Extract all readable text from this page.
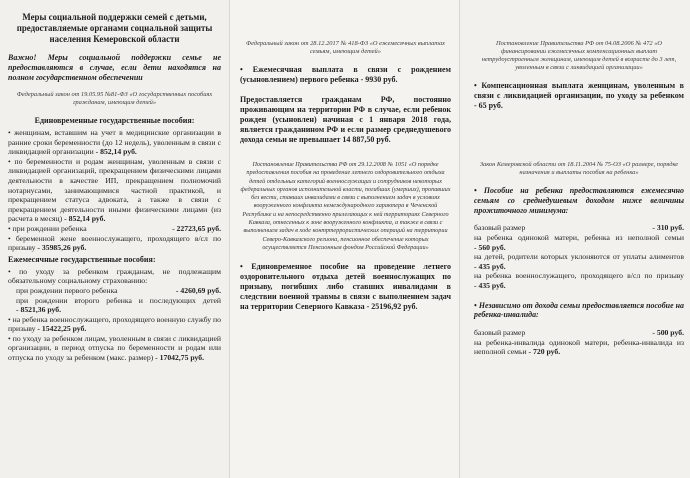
Меры социальной поддержки семей с детьми, предоставляемые органами социальной защиты населения Кемеровской области
Важно! Меры социальной поддержки семье не предоставляются в случае, если дети находятся на полном государственном обеспечении
Федеральный закон от 19.05.95 №81-ФЗ «О государственных пособиях гражданам, имеющим детей»
Единовременные государственные пособия:
• женщинам, вставшим на учет в медицинские организации в ранние сроки беременности (до 12 недель), уволенным в связи с ликвидацией организации - 852,14 руб.
• по беременности и родам женщинам, уволенным в связи с ликвидацией организаций, прекращением физическими лицами деятельности в качестве ИП, прекращением полномочий нотариусами, занимающимися частной практикой, и прекращением статуса адвоката, а также в связи с прекращением деятельности иными физическими лицами (из расчета в месяц) - 852,14 руб.
• при рождении ребенка	- 22723,65 руб.
• беременной жене военнослужащего, проходящего в/сл по призыву - 35985,26 руб.
Ежемесячные государственные пособия:
• по уходу за ребенком гражданам, не подлежащим обязательному социальному страхованию:
при рождении первого ребенка	- 4260,69 руб.
при рождении второго ребенка и последующих детей - 8521,36 руб.
• на ребенка военнослужащего, проходящего военную службу по призыву - 15422,25 руб.
• по уходу за ребенком лицам, уволенным в связи с ликвидацией организации, в период отпуска по беременности и родам или отпуска по уходу за ребенком (макс. размер) - 17042,75 руб.
Федеральный закон от 28.12.2017 № 418-ФЗ «О ежемесячных выплатах семьям, имеющим детей»
• Ежемесячная выплата в связи с рождением (усыновлением) первого ребенка - 9930 руб.
Предоставляется гражданам РФ, постоянно проживающим на территории РФ в случае, если ребенок рожден (усыновлен) начиная с 1 января 2018 года, является гражданином РФ и если размер среднедушевого дохода семьи не превышает 14 887,50 руб.
Постановление Правительства РФ от 29.12.2008 № 1051 «О порядке предоставления пособия на проведение летнего оздоровительного отдыха детей отдельных категорий военнослужащих и сотрудников некоторых федеральных органов исполнительной власти, погибших (умерших), пропавших без вести, ставших инвалидами в связи с выполнением задач в условиях вооруженного конфликта немеждународного характера в Чеченской Республике и на непосредственно прилегающих к ней территориях Северного Кавказа, отнесенных к зоне вооруженного конфликта, а также в связи с выполнением задач в ходе контртеррористических операций на территории Северо-Кавказского региона, пенсионное обеспечение которых осуществляется Пенсионным фондом Российской Федерации»
• Единовременное пособие на проведение летнего оздоровительного отдыха детей военнослужащих по призыву, погибших либо ставших инвалидами в следствии военной травмы в связи с выполнением задач на территории Северного Кавказа - 25196,92 руб.
Постановление Правительства РФ от 04.08.2006 № 472 «О финансировании ежемесячных компенсационных выплат нетрудоустроенным женщинам, имеющим детей в возрасте до 3 лет, уволенным в связи с ликвидацией организации»
• Компенсационная выплата женщинам, уволенным в связи с ликвидацией организации, по уходу за ребенком - 65 руб.
Закон Кемеровской области от 18.11.2004 № 75-ОЗ «О размере, порядке назначения и выплаты пособия на ребенка»
• Пособие на ребенка предоставляются ежемесячно семьям со среднедушевым доходом ниже величины прожиточного минимума:
базовый размер	- 310 руб.
на ребенка одинокой матери, ребенка из неполной семьи - 560 руб.
на детей, родители которых уклоняются от уплаты алиментов - 435 руб.
на ребенка военнослужащего, проходящего в/сл по призыву - 435 руб.
• Независимо от дохода семьи предоставляется пособие на ребенка-инвалида:
базовый размер	- 500 руб.
на ребенка-инвалида одинокой матери, ребенка-инвалида из неполной семьи - 720 руб.
